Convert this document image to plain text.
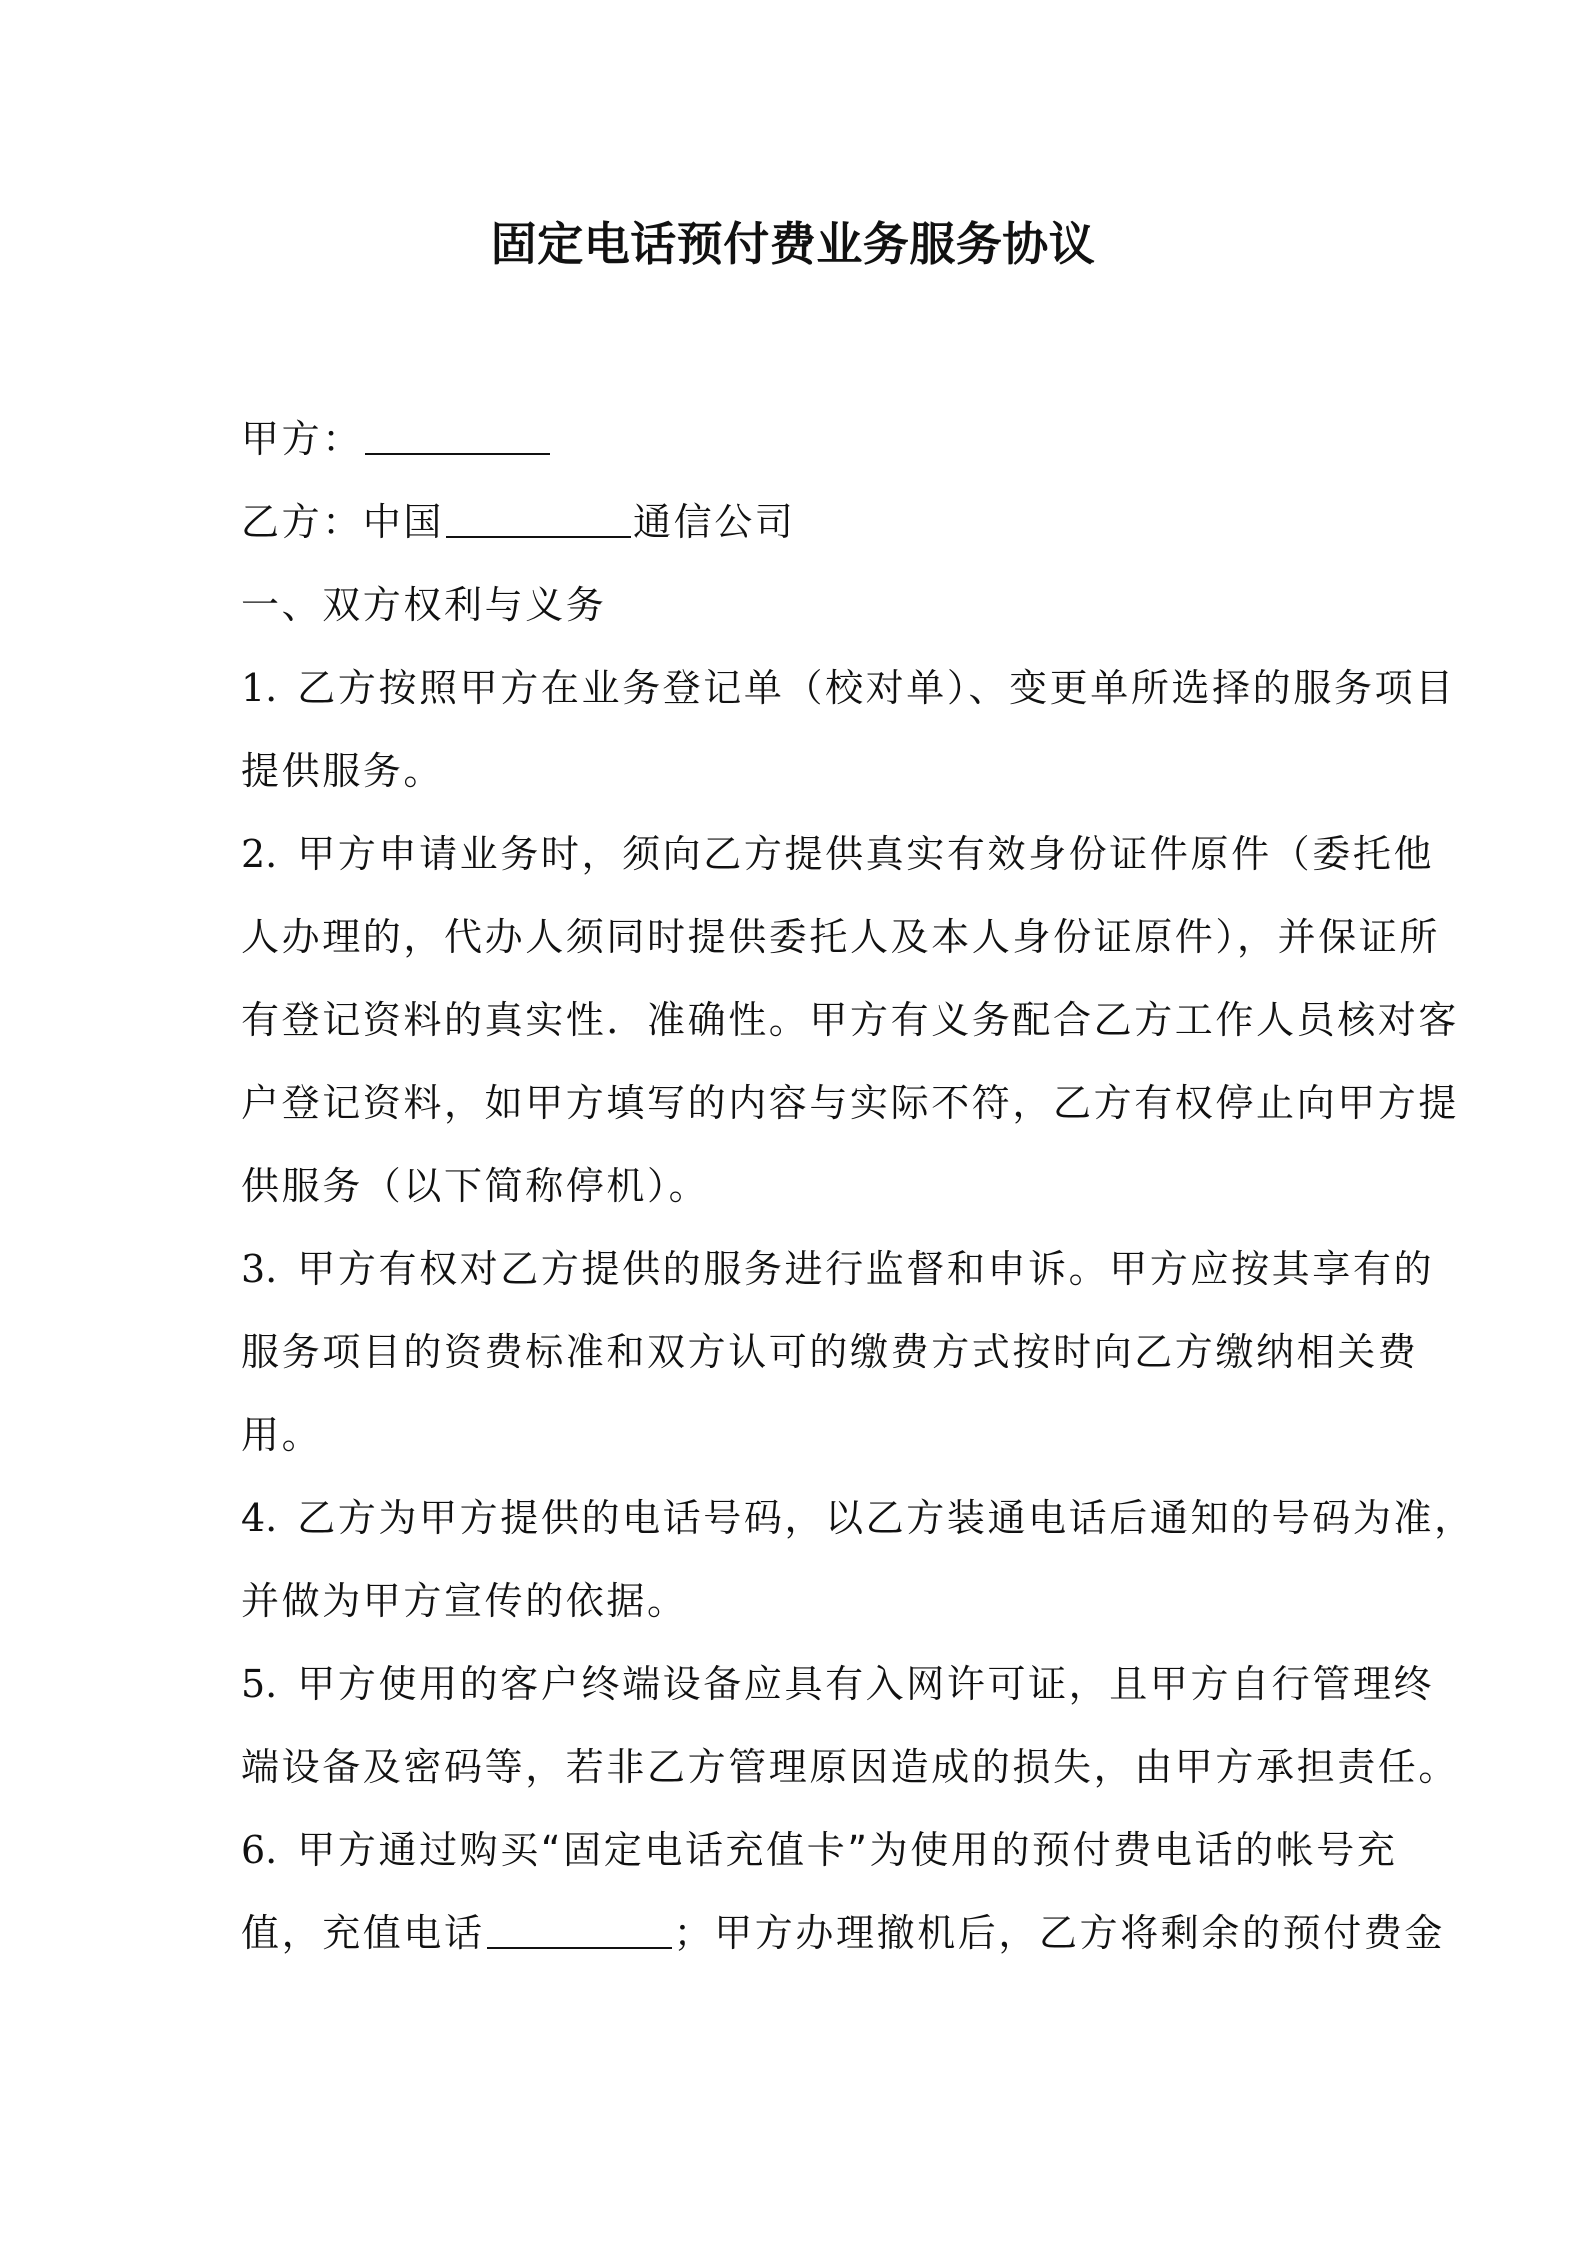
固定电话预付费业务服务协议
甲方：
乙方：中国	通信公司
一、双方权利与义务
1. 乙方按照甲方在业务登记单（校对单）、变更单所选择的服务项目
提供服务。
2. 甲方申请业务时，须向乙方提供真实有效身份证件原件（委托他
人办理的，代办人须同时提供委托人及本人身份证原件），并保证所
有登记资料的真实性．准确性。甲方有义务配合乙方工作人员核对客
户登记资料，如甲方填写的内容与实际不符，乙方有权停止向甲方提
供服务（以下简称停机）。
3. 甲方有权对乙方提供的服务进行监督和申诉。甲方应按其享有的
服务项目的资费标准和双方认可的缴费方式按时向乙方缴纳相关费
用。
4. 乙方为甲方提供的电话号码，以乙方装通电话后通知的号码为准，
并做为甲方宣传的依据。
5. 甲方使用的客户终端设备应具有入网许可证，且甲方自行管理终
端设备及密码等，若非乙方管理原因造成的损失，由甲方承担责任。
6. 甲方通过购买“固定电话充值卡”为使用的预付费电话的帐号充
值，充值电话	；甲方办理撤机后，乙方将剩余的预付费金
